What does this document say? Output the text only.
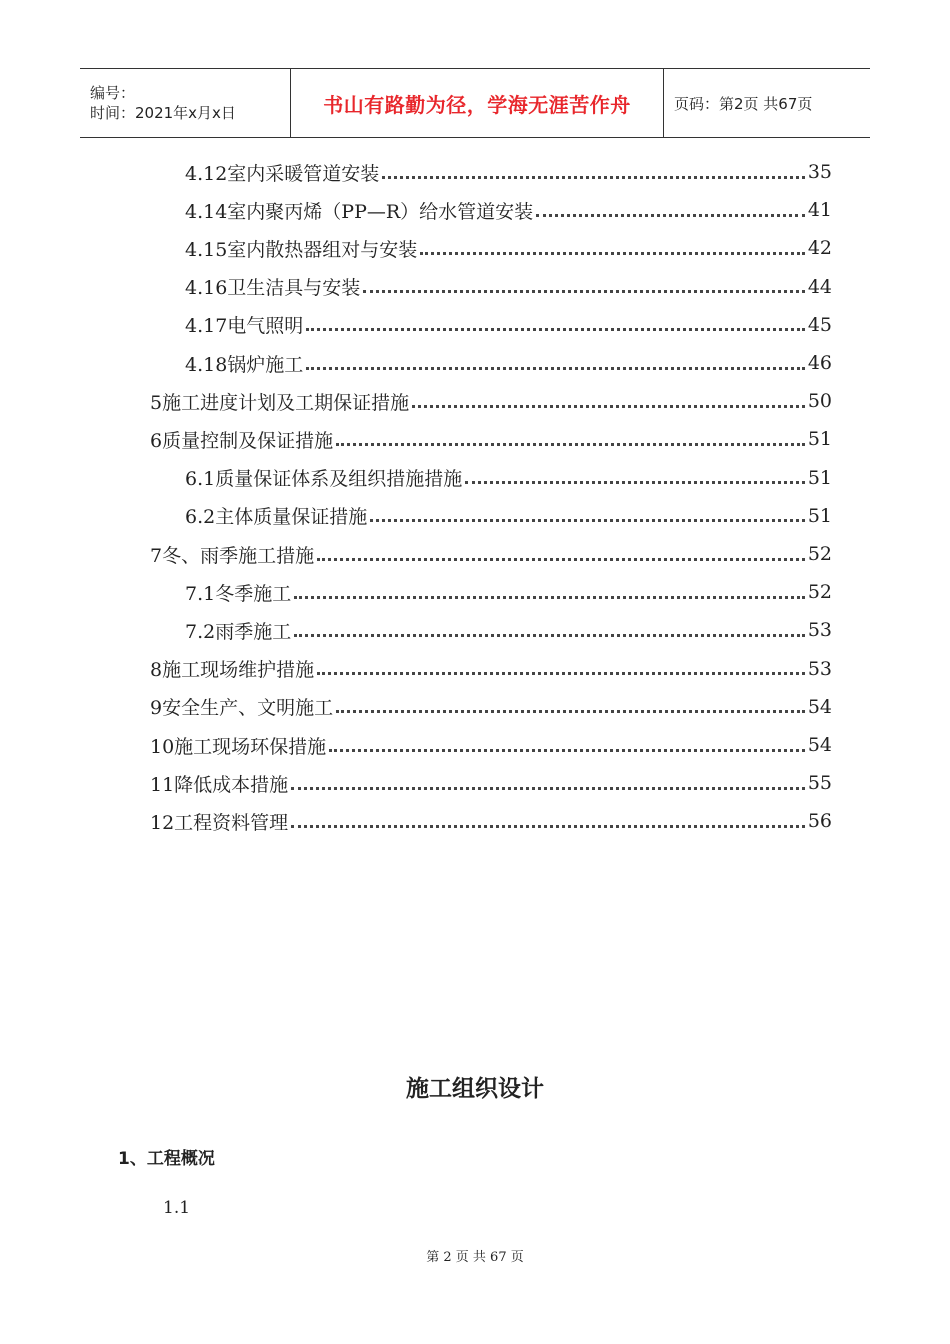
编号：
时间：2021年x月x日	书山有路勤为径，学海无涯苦作舟	页码：第2页 共67页
4.12室内采暖管道安装	35
4.14室内聚丙烯（PP—R）给水管道安装	41
4.15室内散热器组对与安装	42
4.16卫生洁具与安装	44
4.17电气照明	45
4.18锅炉施工	46
5施工进度计划及工期保证措施	50
6质量控制及保证措施	51
6.1质量保证体系及组织措施措施	51
6.2主体质量保证措施	51
7冬、雨季施工措施	52
7.1冬季施工	52
7.2雨季施工	53
8施工现场维护措施	53
9安全生产、文明施工	54
10施工现场环保措施	54
11降低成本措施	55
12工程资料管理	56
施工组织设计
1、工程概况
1.1
第 2 页 共 67 页
